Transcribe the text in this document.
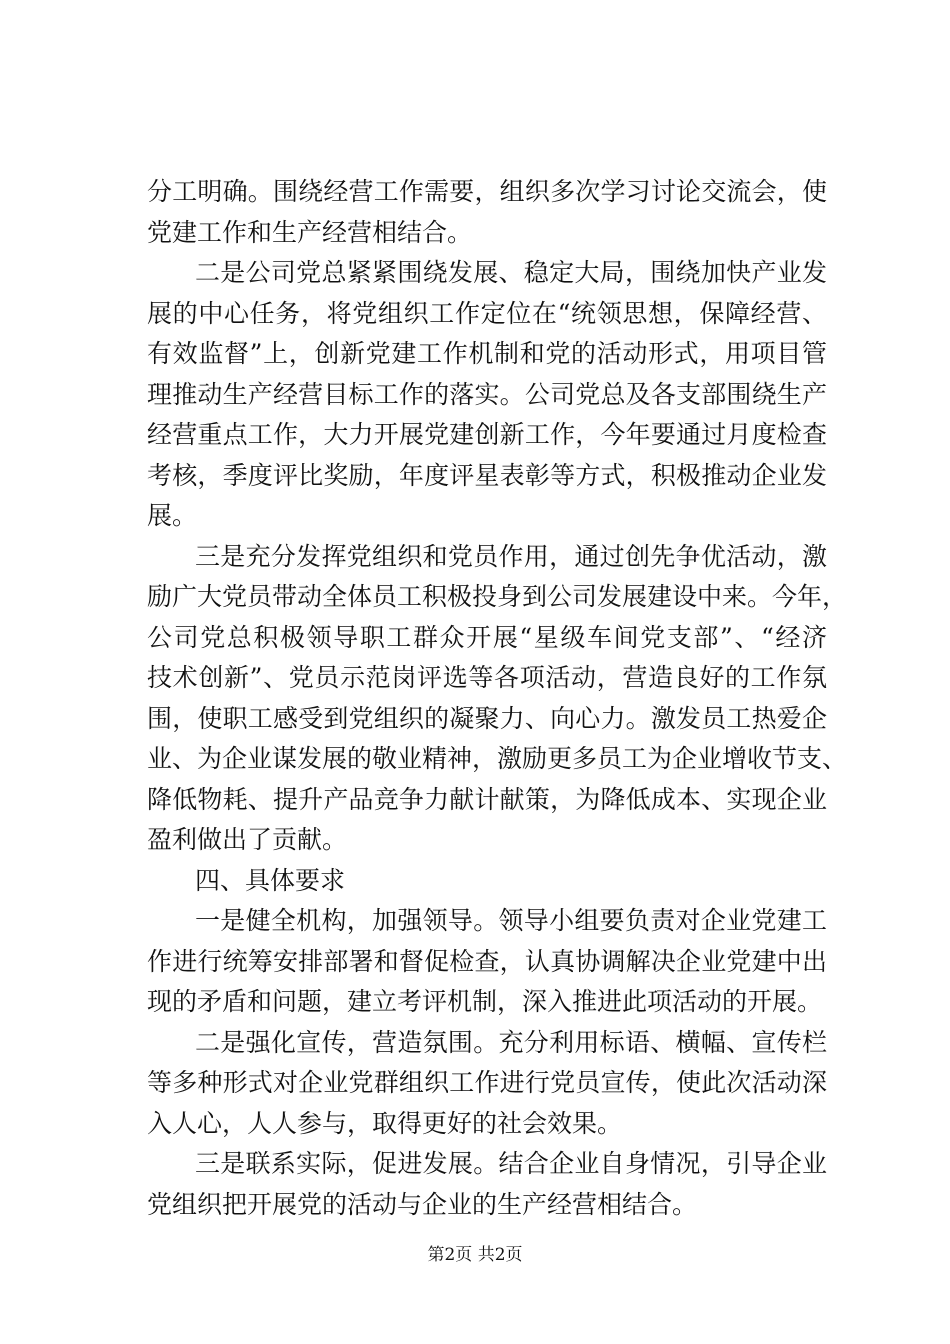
分工明确。围绕经营工作需要，组织多次学习讨论交流会，使
党建工作和生产经营相结合。
二是公司党总紧紧围绕发展、稳定大局，围绕加快产业发
展的中心任务，将党组织工作定位在“统领思想，保障经营、
有效监督”上，创新党建工作机制和党的活动形式，用项目管
理推动生产经营目标工作的落实。公司党总及各支部围绕生产
经营重点工作，大力开展党建创新工作，今年要通过月度检查
考核，季度评比奖励，年度评星表彰等方式，积极推动企业发
展。
三是充分发挥党组织和党员作用，通过创先争优活动，激
励广大党员带动全体员工积极投身到公司发展建设中来。今年，
公司党总积极领导职工群众开展“星级车间党支部”、“经济
技术创新”、党员示范岗评选等各项活动，营造良好的工作氛
围，使职工感受到党组织的凝聚力、向心力。激发员工热爱企
业、为企业谋发展的敬业精神，激励更多员工为企业增收节支、
降低物耗、提升产品竞争力献计献策，为降低成本、实现企业
盈利做出了贡献。
四、具体要求
一是健全机构，加强领导。领导小组要负责对企业党建工
作进行统筹安排部署和督促检查，认真协调解决企业党建中出
现的矛盾和问题，建立考评机制，深入推进此项活动的开展。
二是强化宣传，营造氛围。充分利用标语、横幅、宣传栏
等多种形式对企业党群组织工作进行党员宣传，使此次活动深
入人心，人人参与，取得更好的社会效果。
三是联系实际，促进发展。结合企业自身情况，引导企业
党组织把开展党的活动与企业的生产经营相结合。
第2页 共2页
